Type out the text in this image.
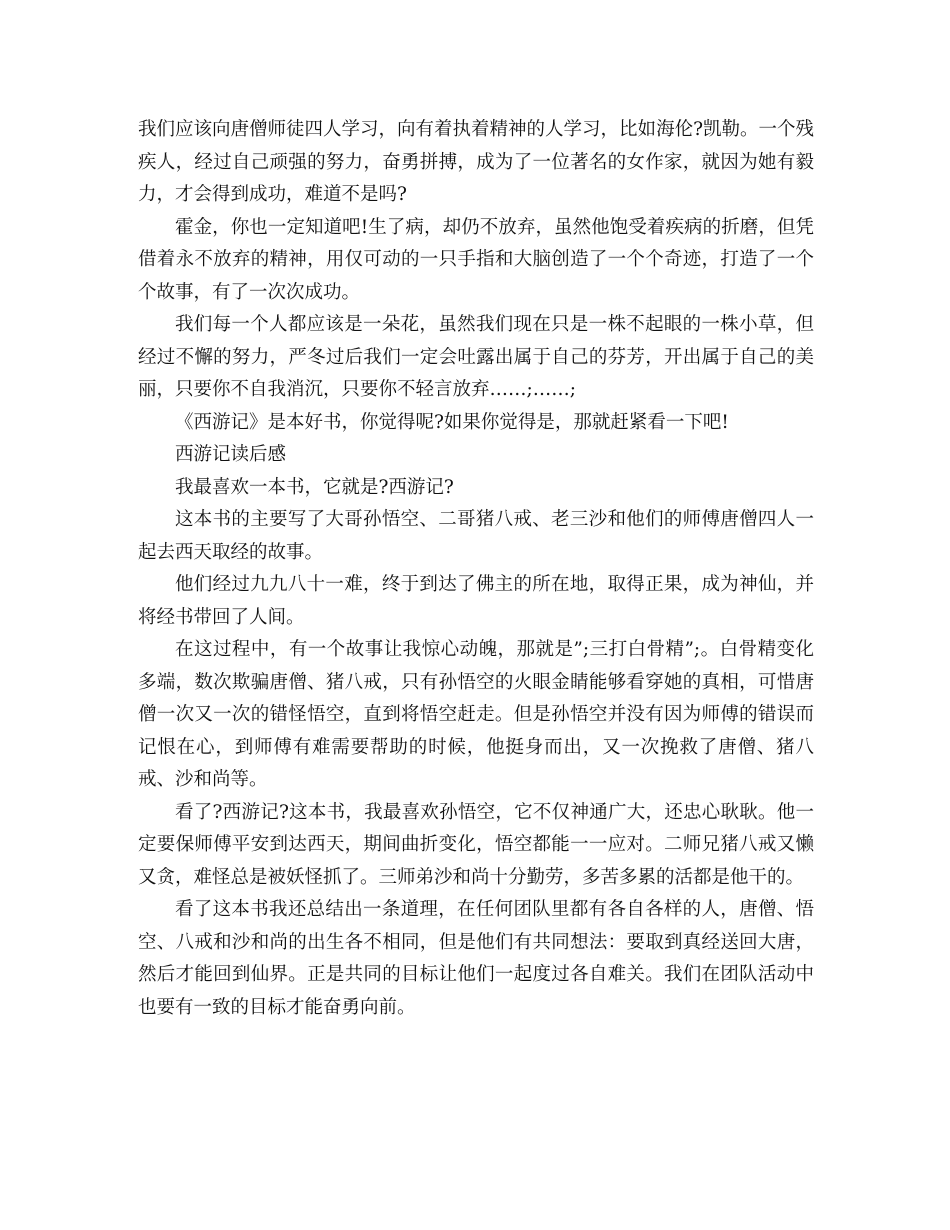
我们应该向唐僧师徒四人学习，向有着执着精神的人学习，比如海伦?凯勒。一个残疾人，经过自己顽强的努力，奋勇拼搏，成为了一位著名的女作家，就因为她有毅力，才会得到成功，难道不是吗?

霍金，你也一定知道吧!生了病，却仍不放弃，虽然他饱受着疾病的折磨，但凭借着永不放弃的精神，用仅可动的一只手指和大脑创造了一个个奇迹，打造了一个个故事，有了一次次成功。

我们每一个人都应该是一朵花，虽然我们现在只是一株不起眼的一株小草，但经过不懈的努力，严冬过后我们一定会吐露出属于自己的芬芳，开出属于自己的美丽，只要你不自我消沉，只要你不轻言放弃……;……;

《西游记》是本好书，你觉得呢?如果你觉得是，那就赶紧看一下吧!

西游记读后感

我最喜欢一本书，它就是?西游记?

这本书的主要写了大哥孙悟空、二哥猪八戒、老三沙和他们的师傅唐僧四人一起去西天取经的故事。

他们经过九九八十一难，终于到达了佛主的所在地，取得正果，成为神仙，并将经书带回了人间。

在这过程中，有一个故事让我惊心动魄，那就是”;三打白骨精”;。白骨精变化多端，数次欺骗唐僧、猪八戒，只有孙悟空的火眼金睛能够看穿她的真相，可惜唐僧一次又一次的错怪悟空，直到将悟空赶走。但是孙悟空并没有因为师傅的错误而记恨在心，到师傅有难需要帮助的时候，他挺身而出，又一次挽救了唐僧、猪八戒、沙和尚等。

看了?西游记?这本书，我最喜欢孙悟空，它不仅神通广大，还忠心耿耿。他一定要保师傅平安到达西天，期间曲折变化，悟空都能一一应对。二师兄猪八戒又懒又贪，难怪总是被妖怪抓了。三师弟沙和尚十分勤劳，多苦多累的活都是他干的。

看了这本书我还总结出一条道理，在任何团队里都有各自各样的人，唐僧、悟空、八戒和沙和尚的出生各不相同，但是他们有共同想法：要取到真经送回大唐，然后才能回到仙界。正是共同的目标让他们一起度过各自难关。我们在团队活动中也要有一致的目标才能奋勇向前。
